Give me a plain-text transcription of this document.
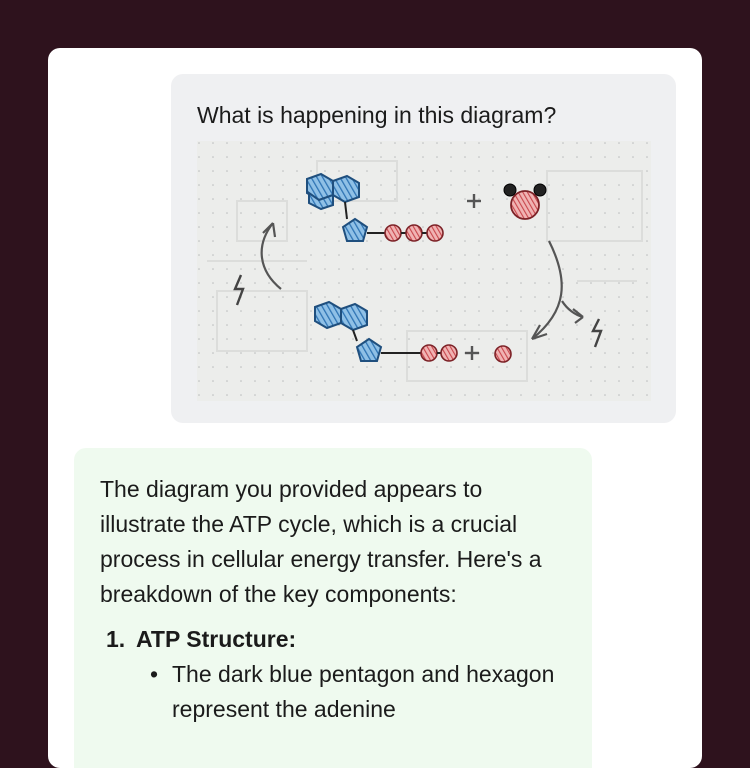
What is happening in this diagram?

The diagram you provided appears to illustrate the ATP cycle, which is a crucial process in cellular energy transfer. Here's a breakdown of the key components:

1. ATP Structure:
• The dark blue pentagon and hexagon represent the adenine
